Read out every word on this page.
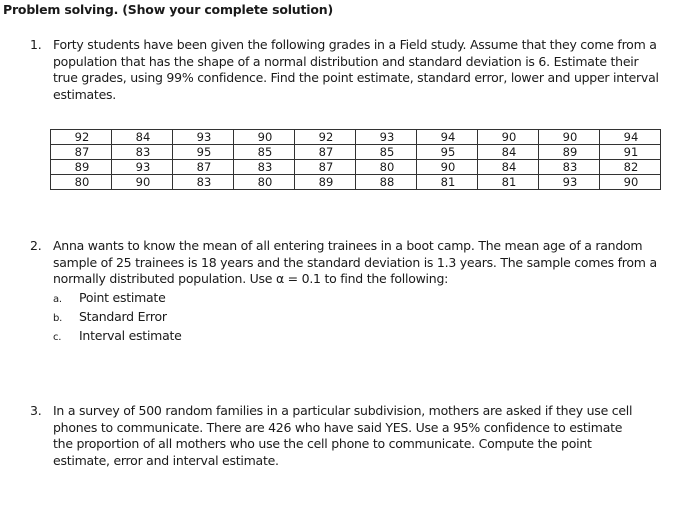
Problem solving. (Show your complete solution)
1. Forty students have been given the following grades in a Field study. Assume that they come from a population that has the shape of a normal distribution and standard deviation is 6. Estimate their true grades, using 99% confidence. Find the point estimate, standard error, lower and upper interval estimates.
92	84	93	90	92	93	94	90	90	94
87	83	95	85	87	85	95	84	89	91
89	93	87	83	87	80	90	84	83	82
80	90	83	80	89	88	81	81	93	90
2. Anna wants to know the mean of all entering trainees in a boot camp. The mean age of a random sample of 25 trainees is 18 years and the standard deviation is 1.3 years. The sample comes from a normally distributed population. Use α = 0.1 to find the following:
a. Point estimate
b. Standard Error
c. Interval estimate
3. In a survey of 500 random families in a particular subdivision, mothers are asked if they use cell phones to communicate. There are 426 who have said YES. Use a 95% confidence to estimate the proportion of all mothers who use the cell phone to communicate. Compute the point estimate, error and interval estimate.
